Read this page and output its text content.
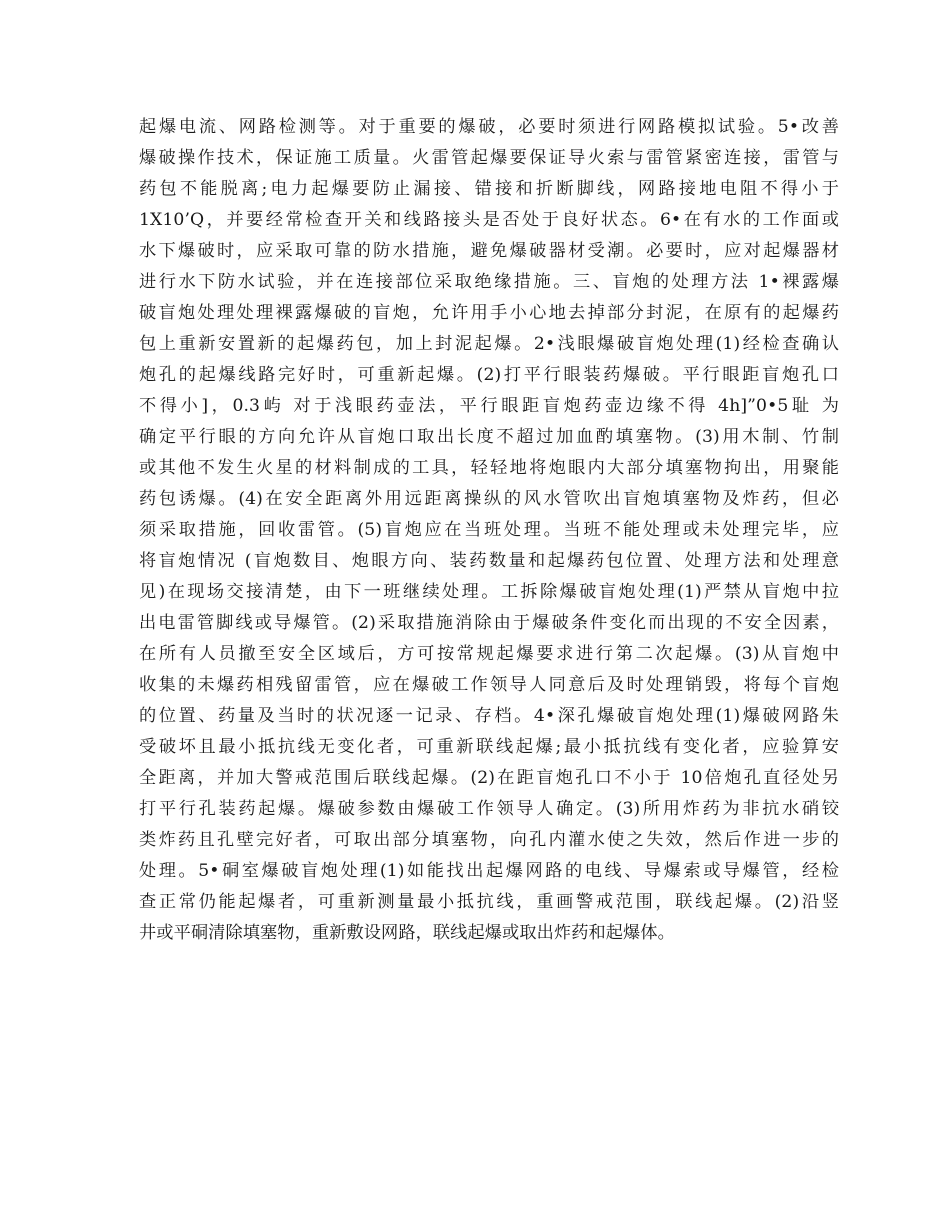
起爆电流、网路检测等。对于重要的爆破，必要时须进行网路模拟试验。5•改善
爆破操作技术，保证施工质量。火雷管起爆要保证导火索与雷管紧密连接，雷管与
药包不能脱离;电力起爆要防止漏接、错接和折断脚线，网路接地电阻不得小于
1X10’Q，并要经常检查开关和线路接头是否处于良好状态。6•在有水的工作面或
水下爆破时，应采取可靠的防水措施，避免爆破器材受潮。必要时，应对起爆器材
进行水下防水试验，并在连接部位采取绝缘措施。三、盲炮的处理方法 1•裸露爆
破盲炮处理处理裸露爆破的盲炮，允许用手小心地去掉部分封泥，在原有的起爆药
包上重新安置新的起爆药包，加上封泥起爆。2•浅眼爆破盲炮处理(1)经检查确认
炮孔的起爆线路完好时，可重新起爆。(2)打平行眼装药爆破。平行眼距盲炮孔口
不得小]，0.3屿 对于浅眼药壶法，平行眼距盲炮药壶边缘不得 4h]”0•5耻 为
确定平行眼的方向允许从盲炮口取出长度不超过加血酌填塞物。(3)用木制、竹制
或其他不发生火星的材料制成的工具，轻轻地将炮眼内大部分填塞物拘出，用聚能
药包诱爆。(4)在安全距离外用远距离操纵的风水管吹出盲炮填塞物及炸药，但必
须采取措施，回收雷管。(5)盲炮应在当班处理。当班不能处理或未处理完毕，应
将盲炮情况 (盲炮数目、炮眼方向、装药数量和起爆药包位置、处理方法和处理意
见)在现场交接清楚，由下一班继续处理。工拆除爆破盲炮处理(1)严禁从盲炮中拉
出电雷管脚线或导爆管。(2)采取措施消除由于爆破条件变化而出现的不安全因素，
在所有人员撤至安全区域后，方可按常规起爆要求进行第二次起爆。(3)从盲炮中
收集的未爆药相残留雷管，应在爆破工作领导人同意后及时处理销毁，将每个盲炮
的位置、药量及当时的状况逐一记录、存档。4•深孔爆破盲炮处理(1)爆破网路朱
受破坏且最小抵抗线无变化者，可重新联线起爆;最小抵抗线有变化者，应验算安
全距离，并加大警戒范围后联线起爆。(2)在距盲炮孔口不小于 10倍炮孔直径处另
打平行孔装药起爆。爆破参数由爆破工作领导人确定。(3)所用炸药为非抗水硝铰
类炸药且孔壁完好者，可取出部分填塞物，向孔内灌水使之失效，然后作进一步的
处理。5•硐室爆破盲炮处理(1)如能找出起爆网路的电线、导爆索或导爆管，经检
查正常仍能起爆者，可重新测量最小抵抗线，重画警戒范围，联线起爆。(2)沿竖
井或平硐清除填塞物，重新敷设网路，联线起爆或取出炸药和起爆体。
